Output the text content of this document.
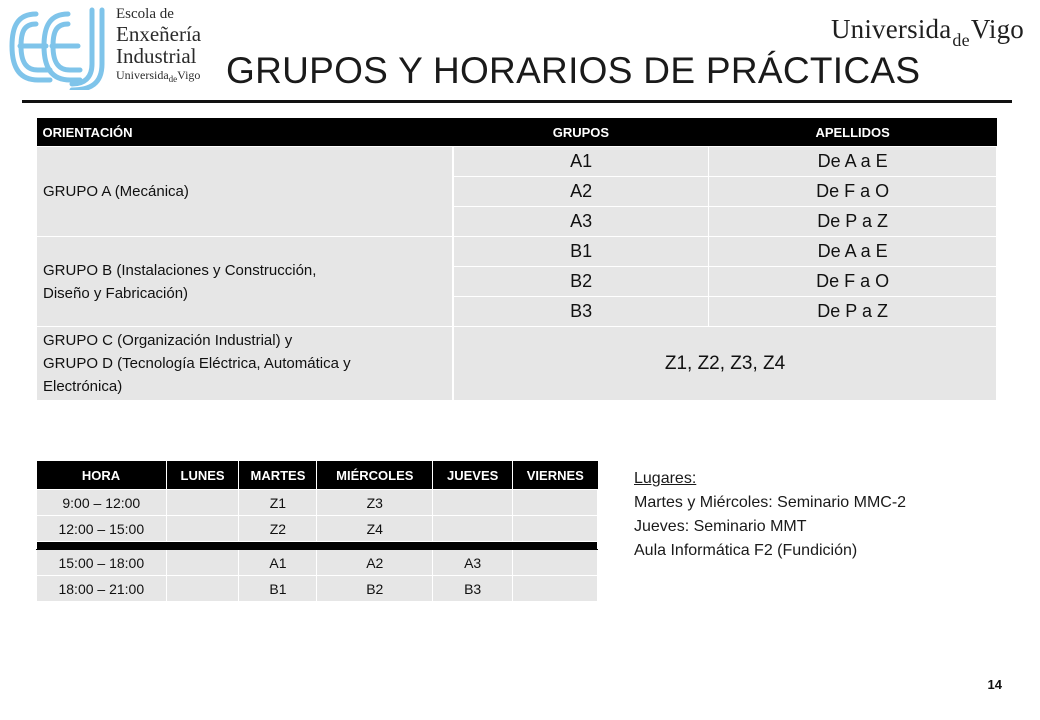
Escola de
Enxeñería
Industrial
Universida$_{de}$Vigo
Universida$_{de}$Vigo
GRUPOS Y HORARIOS DE PRÁCTICAS
ORIENTACIÓN	GRUPOS	APELLIDOS
GRUPO A (Mecánica)	A1	De A a E
	A2	De F a O
	A3	De P a Z
GRUPO B (Instalaciones y Construcción,
Diseño y Fabricación)	B1	De A a E
	B2	De F a O
	B3	De P a Z
GRUPO C (Organización Industrial) y
GRUPO D (Tecnología Eléctrica, Automática y
Electrónica)	Z1, Z2, Z3, Z4	
HORA	LUNES	MARTES	MIÉRCOLES	JUEVES	VIERNES
9:00 – 12:00		Z1	Z3		
12:00 – 15:00		Z2	Z4		

15:00 – 18:00		A1	A2	A3	
18:00 – 21:00		B1	B2	B3	
Lugares:
Martes y Miércoles: Seminario MMC-2
Jueves: Seminario MMT
Aula Informática F2 (Fundición)
14
